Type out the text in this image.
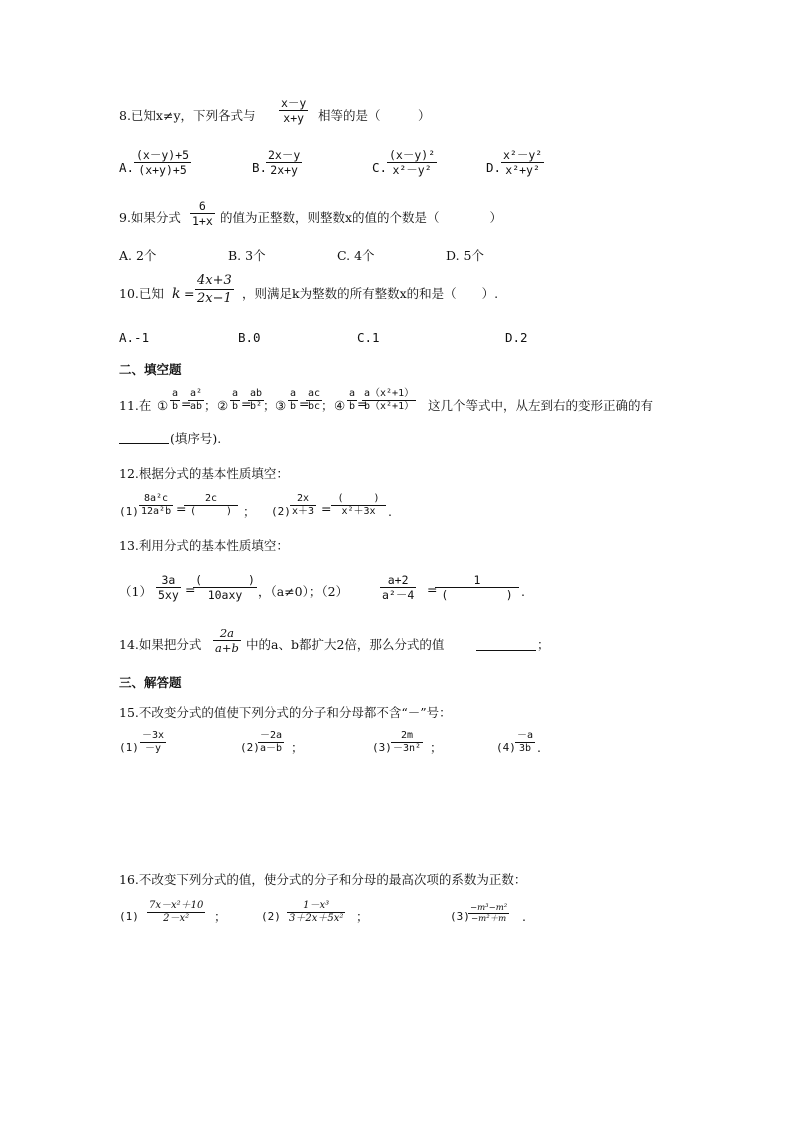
8.已知x≠y，下列各式与
x－y
x+y 相等的是（　　　）
A.
(x－y)+5
(x+y)+5	B.
2x－y
2x+y	C.
(x－y)²
x²－y²	D.
x²－y²
x²+y²
9.如果分式
6
1+x 的值为正整数，则整数x的值的个数是（　　　　）
A. 2个	B. 3个	C. 4个	D. 5个
10.已知 k =
4x+3
2x−1 ，则满足k为整数的所有整数x的和是（　　）.
A.-1	B.0	C.1	D.2
二、填空题
11.在 ①
a
b =
a²
ab ； ②
a
b =
ab
b² ； ③
a
b =
ac
bc ； ④
a
b =
a（x²+1）
b（x²+1） 这几个等式中，从左到右的变形正确的有
(填序号).
12.根据分式的基本性质填空：
(1)
8a²c
12a²b =
2c
(　　　) ； (2)
2x
x＋3 =
(　　　)
x²＋3x .
13.利用分式的基本性质填空：
（1）
3a
5xy =
(　　　　)
10axy ，（a≠0）；（2）
a+2
a²－4 =
1
(　　　　　) .
14.如果把分式
2a
a+b 中的a、b都扩大2倍，那么分式的值	；
三、解答题
15.不改变分式的值使下列分式的分子和分母都不含“－”号：
(1)
－3x
－y	(2)
－2a
a－b ；	(3)
2m
－3n² ；	(4)
－a
3b .
16.不改变下列分式的值，使分式的分子和分母的最高次项的系数为正数：
(1)
7x－x²＋10
2－x² ；	(2)
1－x³
3＋2x＋5x² ；	(3)
−m³−m²
−m²＋m .
